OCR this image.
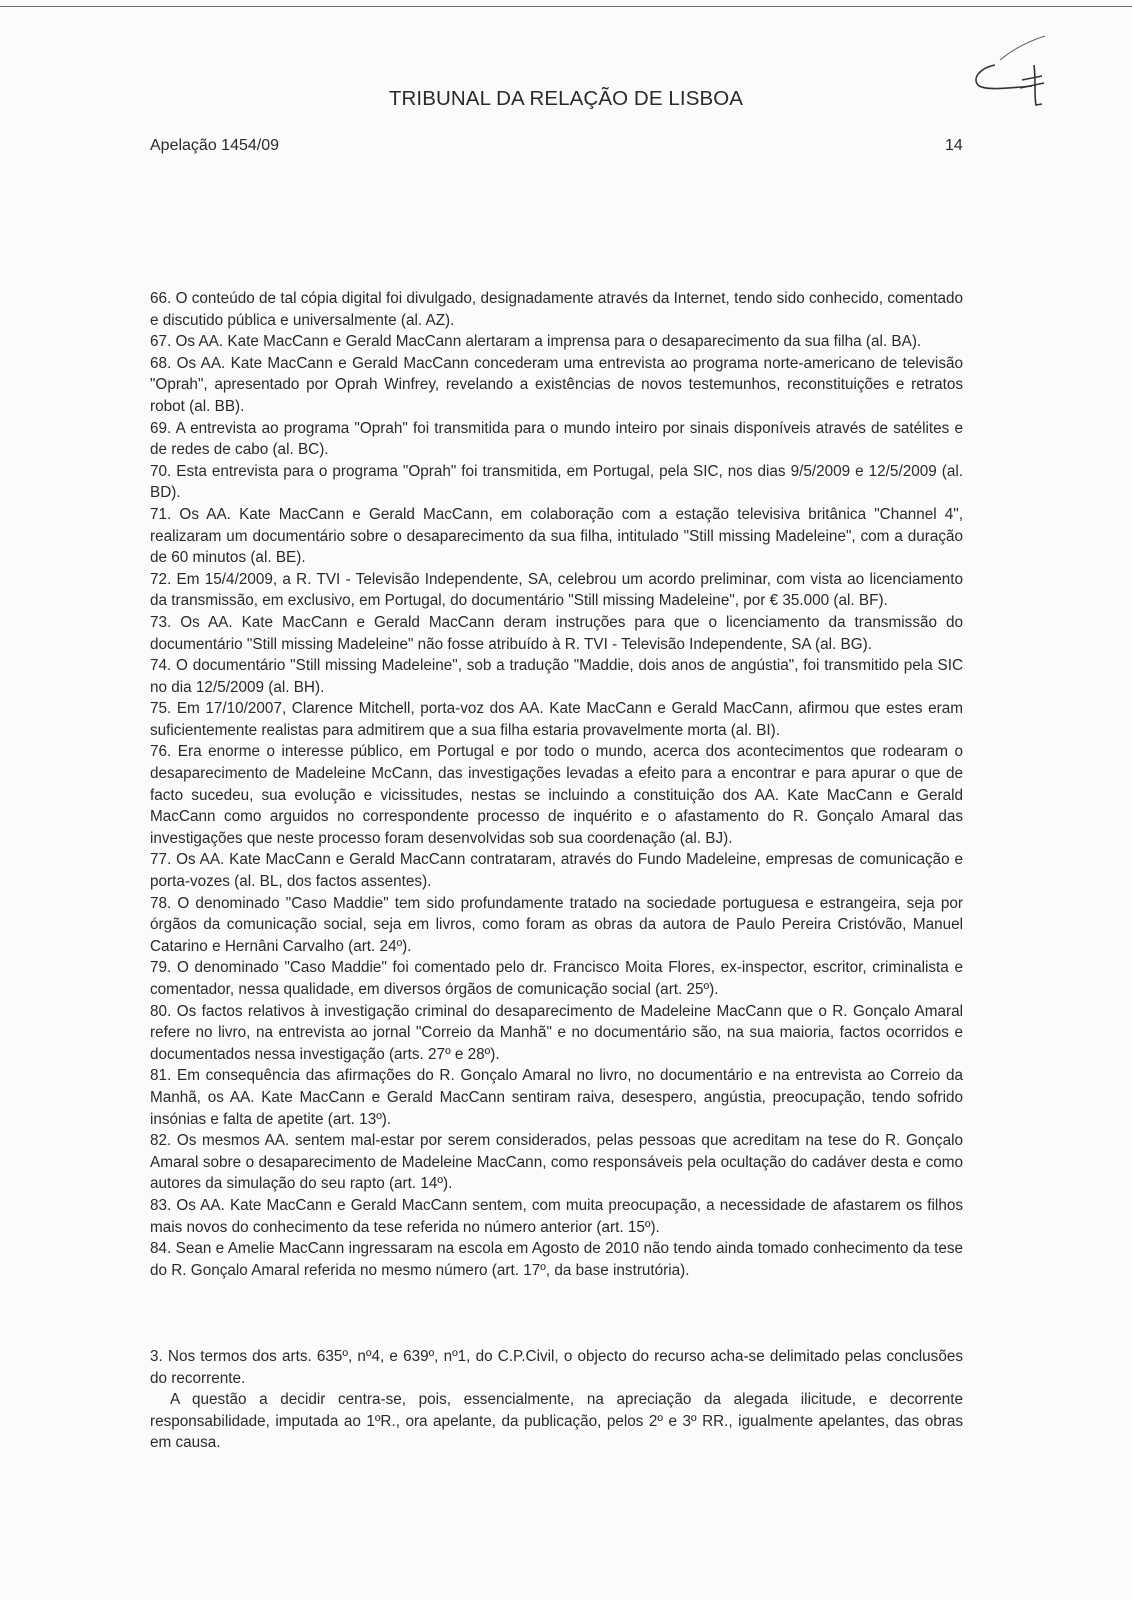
TRIBUNAL DA RELAÇÃO DE LISBOA
Apelação 1454/09	14

66. O conteúdo de tal cópia digital foi divulgado, designadamente através da Internet, tendo sido conhecido, comentado e discutido pública e universalmente (al. AZ).

67. Os AA. Kate MacCann e Gerald MacCann alertaram a imprensa para o desaparecimento da sua filha (al. BA).

68. Os AA. Kate MacCann e Gerald MacCann concederam uma entrevista ao programa norte-americano de televisão "Oprah", apresentado por Oprah Winfrey, revelando a existências de novos testemunhos, reconstituições e retratos robot (al. BB).

69. A entrevista ao programa "Oprah" foi transmitida para o mundo inteiro por sinais disponíveis através de satélites e de redes de cabo (al. BC).

70. Esta entrevista para o programa "Oprah" foi transmitida, em Portugal, pela SIC, nos dias 9/5/2009 e 12/5/2009 (al. BD).

71. Os AA. Kate MacCann e Gerald MacCann, em colaboração com a estação televisiva britânica "Channel 4", realizaram um documentário sobre o desaparecimento da sua filha, intitulado "Still missing Madeleine", com a duração de 60 minutos (al. BE).

72. Em 15/4/2009, a R. TVI - Televisão Independente, SA, celebrou um acordo preliminar, com vista ao licenciamento da transmissão, em exclusivo, em Portugal, do documentário "Still missing Madeleine", por € 35.000 (al. BF).

73. Os AA. Kate MacCann e Gerald MacCann deram instruções para que o licenciamento da transmissão do documentário "Still missing Madeleine" não fosse atribuído à R. TVI - Televisão Independente, SA (al. BG).

74. O documentário "Still missing Madeleine", sob a tradução "Maddie, dois anos de angústia", foi transmitido pela SIC no dia 12/5/2009 (al. BH).

75. Em 17/10/2007, Clarence Mitchell, porta-voz dos AA. Kate MacCann e Gerald MacCann, afirmou que estes eram suficientemente realistas para admitirem que a sua filha estaria provavelmente morta (al. BI).

76. Era enorme o interesse público, em Portugal e por todo o mundo, acerca dos acontecimentos que rodearam o desaparecimento de Madeleine McCann, das investigações levadas a efeito para a encontrar e para apurar o que de facto sucedeu, sua evolução e vicissitudes, nestas se incluindo a constituição dos AA. Kate MacCann e Gerald MacCann como arguidos no correspondente processo de inquérito e o afastamento do R. Gonçalo Amaral das investigações que neste processo foram desenvolvidas sob sua coordenação (al. BJ).

77. Os AA. Kate MacCann e Gerald MacCann contrataram, através do Fundo Madeleine, empresas de comunicação e porta-vozes (al. BL, dos factos assentes).

78. O denominado "Caso Maddie" tem sido profundamente tratado na sociedade portuguesa e estrangeira, seja por órgãos da comunicação social, seja em livros, como foram as obras da autora de Paulo Pereira Cristóvão, Manuel Catarino e Hernâni Carvalho (art. 24º).

79. O denominado "Caso Maddie" foi comentado pelo dr. Francisco Moita Flores, ex-inspector, escritor, criminalista e comentador, nessa qualidade, em diversos órgãos de comunicação social (art. 25º).

80. Os factos relativos à investigação criminal do desaparecimento de Madeleine MacCann que o R. Gonçalo Amaral refere no livro, na entrevista ao jornal "Correio da Manhã" e no documentário são, na sua maioria, factos ocorridos e documentados nessa investigação (arts. 27º e 28º).

81. Em consequência das afirmações do R. Gonçalo Amaral no livro, no documentário e na entrevista ao Correio da Manhã, os AA. Kate MacCann e Gerald MacCann sentiram raiva, desespero, angústia, preocupação, tendo sofrido insónias e falta de apetite (art. 13º).

82. Os mesmos AA. sentem mal-estar por serem considerados, pelas pessoas que acreditam na tese do R. Gonçalo Amaral sobre o desaparecimento de Madeleine MacCann, como responsáveis pela ocultação do cadáver desta e como autores da simulação do seu rapto (art. 14º).

83. Os AA. Kate MacCann e Gerald MacCann sentem, com muita preocupação, a necessidade de afastarem os filhos mais novos do conhecimento da tese referida no número anterior (art. 15º).

84. Sean e Amelie MacCann ingressaram na escola em Agosto de 2010 não tendo ainda tomado conhecimento da tese do R. Gonçalo Amaral referida no mesmo número (art. 17º, da base instrutória).

3. Nos termos dos arts. 635º, nº4, e 639º, nº1, do C.P.Civil, o objecto do recurso acha-se delimitado pelas conclusões do recorrente.

A questão a decidir centra-se, pois, essencialmente, na apreciação da alegada ilicitude, e decorrente responsabilidade, imputada ao 1ºR., ora apelante, da publicação, pelos 2º e 3º RR., igualmente apelantes, das obras em causa.
